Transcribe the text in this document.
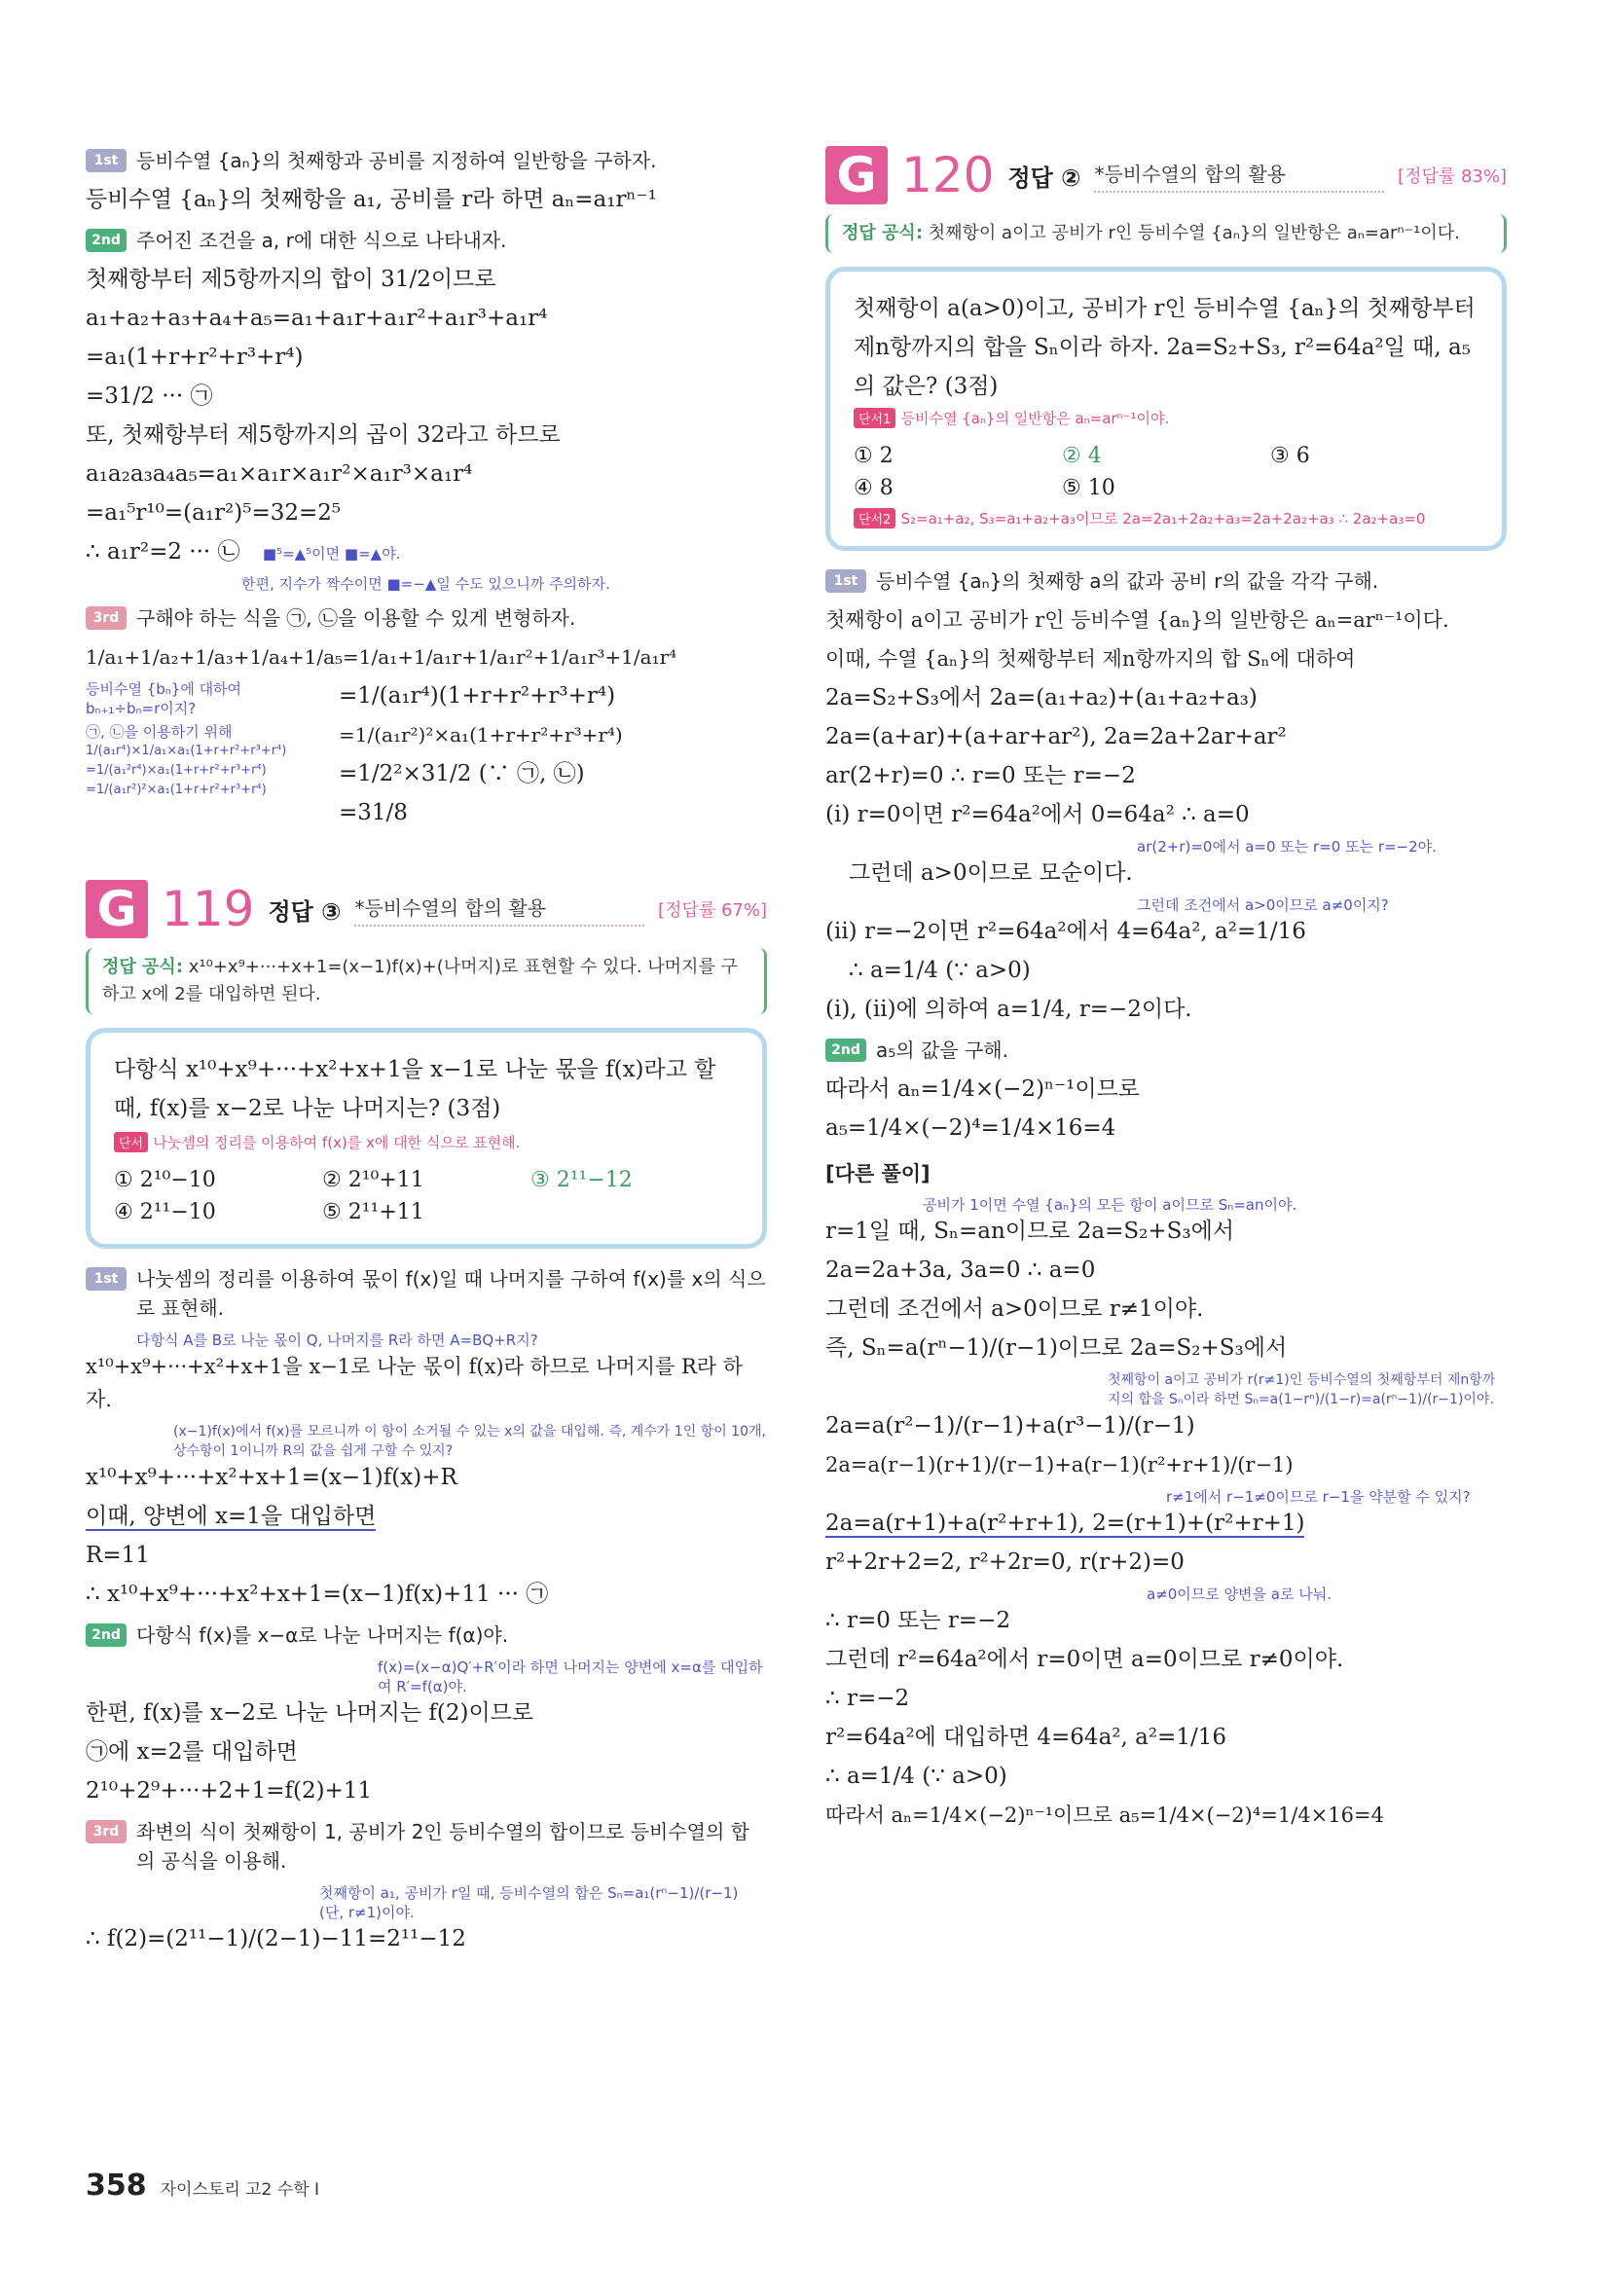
1st 등비수열 {aₙ}의 첫째항과 공비를 지정하여 일반항을 구하자.
등비수열 {aₙ}의 첫째항을 a₁, 공비를 r라 하면 aₙ=a₁rⁿ⁻¹
2nd 주어진 조건을 a, r에 대한 식으로 나타내자.
첫째항부터 제5항까지의 합이 31/2이므로
a₁+a₂+a₃+a₄+a₅=a₁+a₁r+a₁r²+a₁r³+a₁r⁴
=a₁(1+r+r²+r³+r⁴)
=31/2 ··· ㉠
또, 첫째항부터 제5항까지의 곱이 32라고 하므로
a₁a₂a₃a₄a₅=a₁×a₁r×a₁r²×a₁r³×a₁r⁴
=a₁⁵r¹⁰=(a₁r²)⁵=32=2⁵
∴ a₁r²=2 ··· ㉡ ■⁵=▲⁵이면 ■=▲야.
한편, 지수가 짝수이면 ■=−▲일 수도 있으니까 주의하자.
3rd 구해야 하는 식을 ㉠, ㉡을 이용할 수 있게 변형하자.
1/a₁+1/a₂+1/a₃+1/a₄+1/a₅=1/a₁+1/a₁r+1/a₁r²+1/a₁r³+1/a₁r⁴
등비수열 {bₙ}에 대하여
bₙ₊₁÷bₙ=r이지?
㉠, ㉡을 이용하기 위해
1/(a₁r⁴)×1/a₁×a₁(1+r+r²+r³+r⁴)
=1/(a₁²r⁴)×a₁(1+r+r²+r³+r⁴)
=1/(a₁r²)²×a₁(1+r+r²+r³+r⁴)
=1/(a₁r⁴)(1+r+r²+r³+r⁴)
=1/(a₁r²)²×a₁(1+r+r²+r³+r⁴)
=1/2²×31/2 (∵ ㉠, ㉡)
=31/8
G 119 정답 ③ *등비수열의 합의 활용	[정답률 67%]
정답 공식: x¹⁰+x⁹+···+x+1=(x−1)f(x)+(나머지)로 표현할 수 있다. 나머지를 구하고 x에 2를 대입하면 된다.
다항식 x¹⁰+x⁹+···+x²+x+1을 x−1로 나눈 몫을 f(x)라고 할 때, f(x)를 x−2로 나눈 나머지는? (3점)
단서 나눗셈의 정리를 이용하여 f(x)를 x에 대한 식으로 표현해.
① 2¹⁰−10	② 2¹⁰+11	③ 2¹¹−12
④ 2¹¹−10	⑤ 2¹¹+11
1st 나눗셈의 정리를 이용하여 몫이 f(x)일 때 나머지를 구하여 f(x)를 x의 식으로 표현해.
다항식 A를 B로 나눈 몫이 Q, 나머지를 R라 하면 A=BQ+R지?
x¹⁰+x⁹+···+x²+x+1을 x−1로 나눈 몫이 f(x)라 하므로 나머지를 R라 하자.
(x−1)f(x)에서 f(x)를 모르니까 이 항이 소거될 수 있는 x의 값을 대입해. 즉, 계수가 1인 항이 10개, 상수항이 1이니까 R의 값을 쉽게 구할 수 있지?
x¹⁰+x⁹+···+x²+x+1=(x−1)f(x)+R
이때, 양변에 x=1을 대입하면
R=11
∴ x¹⁰+x⁹+···+x²+x+1=(x−1)f(x)+11 ··· ㉠
2nd 다항식 f(x)를 x−α로 나눈 나머지는 f(α)야.
f(x)=(x−α)Q′+R′이라 하면 나머지는 양변에 x=α를 대입하여 R′=f(α)야.
한편, f(x)를 x−2로 나눈 나머지는 f(2)이므로
㉠에 x=2를 대입하면
2¹⁰+2⁹+···+2+1=f(2)+11
3rd 좌변의 식이 첫째항이 1, 공비가 2인 등비수열의 합이므로 등비수열의 합의 공식을 이용해.
첫째항이 a₁, 공비가 r일 때, 등비수열의 합은 Sₙ=a₁(rⁿ−1)/(r−1) (단, r≠1)이야.
∴ f(2)=(2¹¹−1)/(2−1)−11=2¹¹−12
G 120 정답 ② *등비수열의 합의 활용	[정답률 83%]
정답 공식: 첫째항이 a이고 공비가 r인 등비수열 {aₙ}의 일반항은 aₙ=arⁿ⁻¹이다.
첫째항이 a(a>0)이고, 공비가 r인 등비수열 {aₙ}의 첫째항부터 제n항까지의 합을 Sₙ이라 하자. 2a=S₂+S₃, r²=64a²일 때, a₅의 값은? (3점)
단서1 등비수열 {aₙ}의 일반항은 aₙ=arⁿ⁻¹이야.
① 2	② 4	③ 6
④ 8	⑤ 10
단서2 S₂=a₁+a₂, S₃=a₁+a₂+a₃이므로 2a=2a₁+2a₂+a₃=2a+2a₂+a₃ ∴ 2a₂+a₃=0
1st 등비수열 {aₙ}의 첫째항 a의 값과 공비 r의 값을 각각 구해.
첫째항이 a이고 공비가 r인 등비수열 {aₙ}의 일반항은 aₙ=arⁿ⁻¹이다.
이때, 수열 {aₙ}의 첫째항부터 제n항까지의 합 Sₙ에 대하여
2a=S₂+S₃에서 2a=(a₁+a₂)+(a₁+a₂+a₃)
2a=(a+ar)+(a+ar+ar²), 2a=2a+2ar+ar²
ar(2+r)=0 ∴ r=0 또는 r=−2
(i) r=0이면 r²=64a²에서 0=64a² ∴ a=0
ar(2+r)=0에서 a=0 또는 r=0 또는 r=−2야.
그런데 a>0이므로 모순이다.
그런데 조건에서 a>0이므로 a≠0이지?
(ii) r=−2이면 r²=64a²에서 4=64a², a²=1/16
∴ a=1/4 (∵ a>0)
(i), (ii)에 의하여 a=1/4, r=−2이다.
2nd a₅의 값을 구해.
따라서 aₙ=1/4×(−2)ⁿ⁻¹이므로
a₅=1/4×(−2)⁴=1/4×16=4
[다른 풀이]
공비가 1이면 수열 {aₙ}의 모든 항이 a이므로 Sₙ=an이야.
r=1일 때, Sₙ=an이므로 2a=S₂+S₃에서
2a=2a+3a, 3a=0 ∴ a=0
그런데 조건에서 a>0이므로 r≠1이야.
즉, Sₙ=a(rⁿ−1)/(r−1)이므로 2a=S₂+S₃에서
첫째항이 a이고 공비가 r(r≠1)인 등비수열의 첫째항부터 제n항까지의 합을 Sₙ이라 하면 Sₙ=a(1−rⁿ)/(1−r)=a(rⁿ−1)/(r−1)이야.
2a=a(r²−1)/(r−1)+a(r³−1)/(r−1)
2a=a(r−1)(r+1)/(r−1)+a(r−1)(r²+r+1)/(r−1)
r≠1에서 r−1≠0이므로 r−1을 약분할 수 있지?
2a=a(r+1)+a(r²+r+1), 2=(r+1)+(r²+r+1)
r²+2r+2=2, r²+2r=0, r(r+2)=0
a≠0이므로 양변을 a로 나눠.
∴ r=0 또는 r=−2
그런데 r²=64a²에서 r=0이면 a=0이므로 r≠0이야.
∴ r=−2
r²=64a²에 대입하면 4=64a², a²=1/16
∴ a=1/4 (∵ a>0)
따라서 aₙ=1/4×(−2)ⁿ⁻¹이므로 a₅=1/4×(−2)⁴=1/4×16=4
358 자이스토리 고2 수학 I
